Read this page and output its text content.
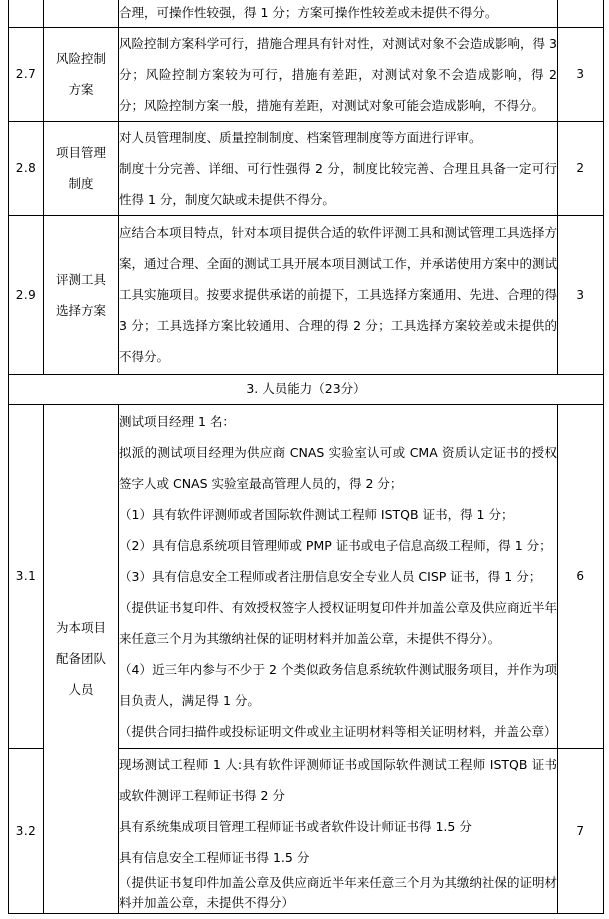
		合理，可操作性较强，得 1 分；方案可操作性较差或未提供不得分。	

2.7	风险控制方案	风险控制方案科学可行，措施合理具有针对性，对测试对象不会造成影响，得 3 分；风险控制方案较为可行，措施有差距，对测试对象不会造成影响，得 2 分；风险控制方案一般，措施有差距，对测试对象可能会造成影响，不得分。	3
2.8	项目管理制度	对人员管理制度、质量控制制度、档案管理制度等方面进行评审。

制度十分完善、详细、可行性强得 2 分，制度比较完善、合理且具备一定可行性得 1 分，制度欠缺或未提供不得分。	2
2.9	评测工具选择方案	应结合本项目特点，针对本项目提供合适的软件评测工具和测试管理工具选择方案，通过合理、全面的测试工具开展本项目测试工作，并承诺使用方案中的测试工具实施项目。按要求提供承诺的前提下，工具选择方案通用、先进、合理的得 3 分；工具选择方案比较通用、合理的得 2 分；工具选择方案较差或未提供的不得分。	3
3. 人员能力（23分）			
3.1	为本项目配备团队人员	

测试项目经理 1 名：

拟派的测试项目经理为供应商 CNAS 实验室认可或 CMA 资质认定证书的授权签字人或 CNAS 实验室最高管理人员的，得 2 分；

（1）具有软件评测师或者国际软件测试工程师 ISTQB 证书，得 1 分；

（2）具有信息系统项目管理师或 PMP 证书或电子信息高级工程师，得 1 分；

（3）具有信息安全工程师或者注册信息安全专业人员 CISP 证书，得 1 分；

（提供证书复印件、有效授权签字人授权证明复印件并加盖公章及供应商近半年来任意三个月为其缴纳社保的证明材料并加盖公章，未提供不得分）。

（4）近三年内参与不少于 2 个类似政务信息系统软件测试服务项目，并作为项目负责人，满足得 1 分。

（提供合同扫描件或投标证明文件或业主证明材料等相关证明材料，并盖公章）

	6
3.2		现场测试工程师 1 人:具有软件评测师证书或国际软件测试工程师 ISTQB 证书或软件测评工程师证书得 2 分

具有系统集成项目管理工程师证书或者软件设计师证书得 1.5 分

具有信息安全工程师证书得 1.5 分

（提供证书复印件加盖公章及供应商近半年来任意三个月为其缴纳社保的证明材料并加盖公章，未提供不得分）	7
